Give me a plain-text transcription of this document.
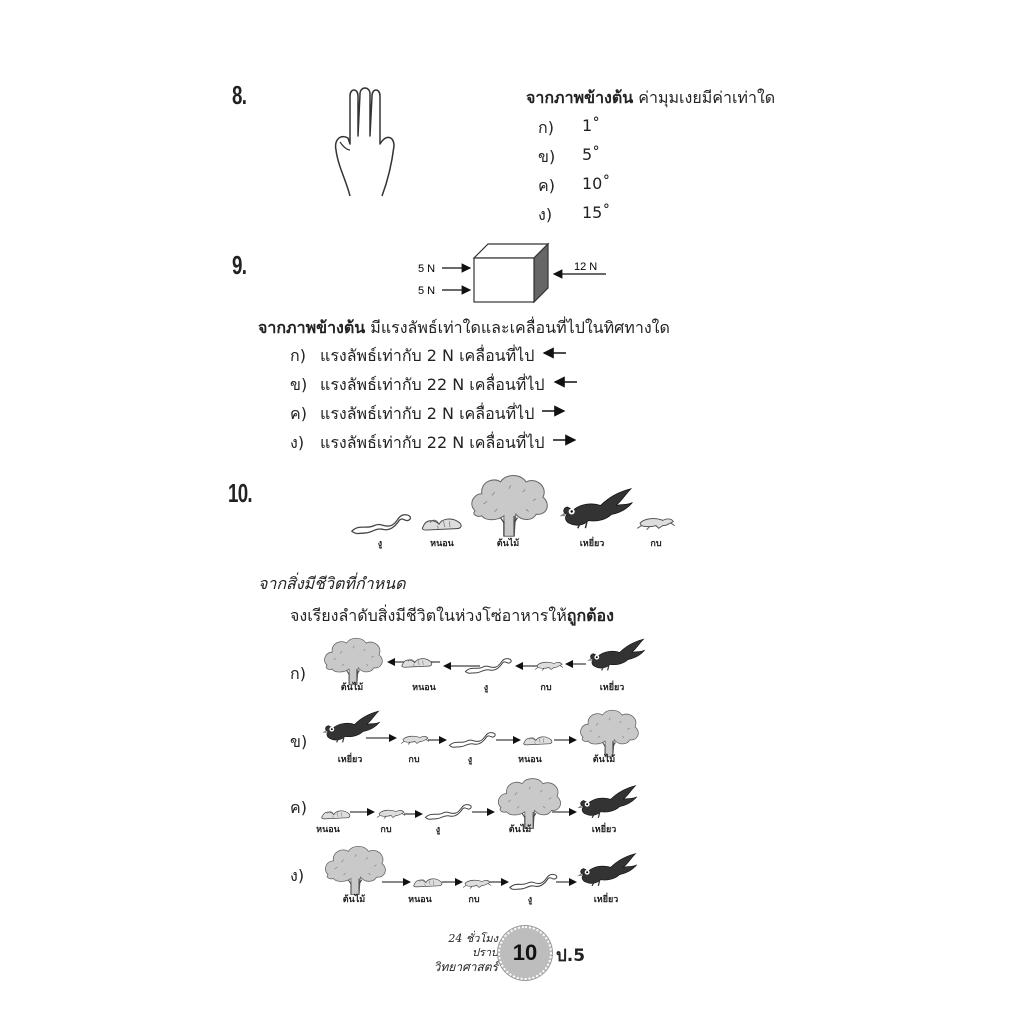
8.	จากภาพข้างต้น ค่ามุมเงยมีค่าเท่าใด
ก)	1˚
ข)	5˚
ค)	10˚
ง)	15˚
9.	5 N
5 N
12 N
จากภาพข้างต้น มีแรงลัพธ์เท่าใดและเคลื่อนที่ไปในทิศทางใด
ก) แรงลัพธ์เท่ากับ 2 N เคลื่อนที่ไป
ข) แรงลัพธ์เท่ากับ 22 N เคลื่อนที่ไป
ค) แรงลัพธ์เท่ากับ 2 N เคลื่อนที่ไป
ง) แรงลัพธ์เท่ากับ 22 N เคลื่อนที่ไป
10.
งู	หนอน	ต้นไม้	เหยี่ยว	กบ
จากสิ่งมีชีวิตที่กำหนด
จงเรียงลำดับสิ่งมีชีวิตในห่วงโซ่อาหารให้ถูกต้อง
ก)
ต้นไม้	หนอน	งู	กบ	เหยี่ยว
ข)
เหยี่ยว	กบ	งู	หนอน	ต้นไม้
ค)
หนอน	กบ	งู	ต้นไม้	เหยี่ยว
ง)
ต้นไม้	หนอน	กบ	งู	เหยี่ยว
24 ชั่วโมง
ปราบ
วิทยาศาสตร์
10 ป.5
